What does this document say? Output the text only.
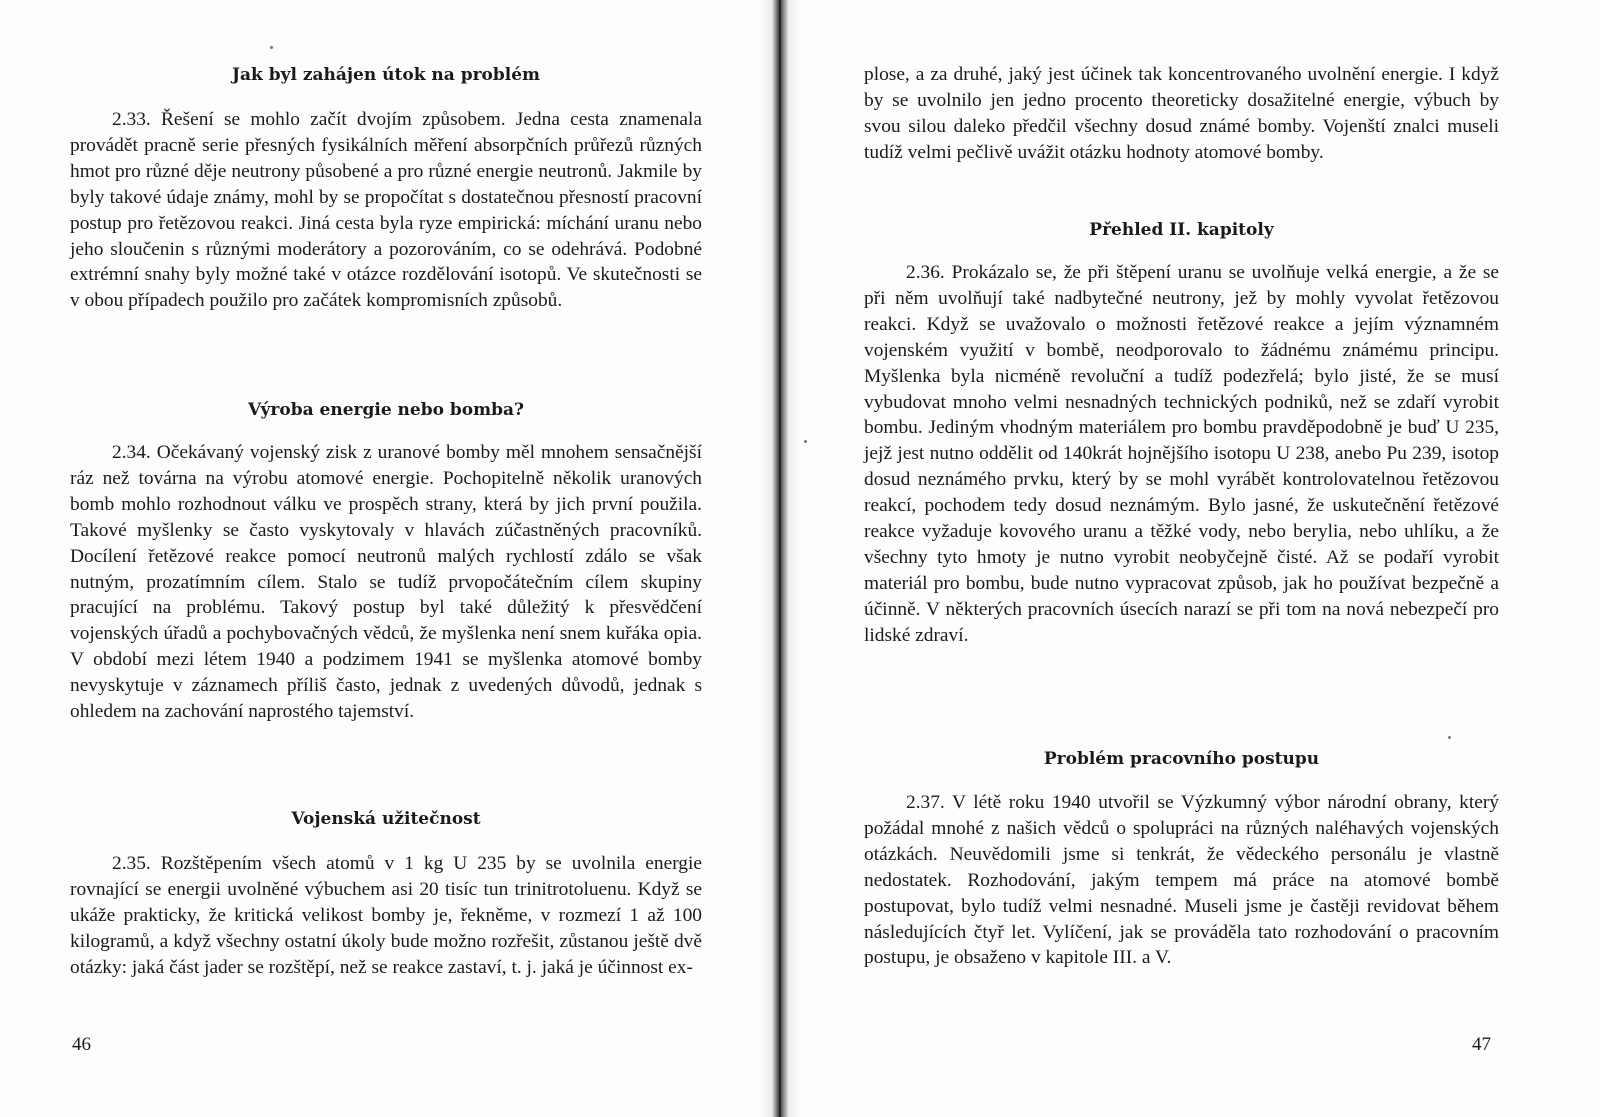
Jak byl zahájen útok na problém

2.33. Řešení se mohlo začít dvojím způsobem. Jedna cesta znamenala provádět pracně serie přesných fysikálních měření absorpčních průřezů různých hmot pro různé děje neutrony působené a pro různé energie neutronů. Jakmile by byly takové údaje známy, mohl by se propočítat s dostatečnou přesností pracovní postup pro řetězovou reakci. Jiná cesta byla ryze empirická: míchání uranu nebo jeho sloučenin s různými moderátory a pozorováním, co se odehrává. Podobné extrémní snahy byly možné také v otázce rozdělování isotopů. Ve skutečnosti se v obou případech použilo pro začátek kompromisních způsobů.

Výroba energie nebo bomba?

2.34. Očekávaný vojenský zisk z uranové bomby měl mnohem sensačnější ráz než továrna na výrobu atomové energie. Pochopitelně několik uranových bomb mohlo rozhodnout válku ve prospěch strany, která by jich první použila. Takové myšlenky se často vyskytovaly v hlavách zúčastněných pracovníků. Docílení řetězové reakce pomocí neutronů malých rychlostí zdálo se však nutným, prozatímním cílem. Stalo se tudíž prvopočátečním cílem skupiny pracující na problému. Takový postup byl také důležitý k přesvědčení vojenských úřadů a pochybovačných vědců, že myšlenka není snem kuřáka opia. V období mezi létem 1940 a podzimem 1941 se myšlenka atomové bomby nevyskytuje v záznamech příliš často, jednak z uvedených důvodů, jednak s ohledem na zachování naprostého tajemství.

Vojenská užitečnost

2.35. Rozštěpením všech atomů v 1 kg U 235 by se uvolnila energie rovnající se energii uvolněné výbuchem asi 20 tisíc tun trinitrotoluenu. Když se ukáže prakticky, že kritická velikost bomby je, řekněme, v rozmezí 1 až 100 kilogramů, a když všechny ostatní úkoly bude možno rozřešit, zůstanou ještě dvě otázky: jaká část jader se rozštěpí, než se reakce zastaví, t. j. jaká je účinnost ex-

46

plose, a za druhé, jaký jest účinek tak koncentrovaného uvolnění energie. I když by se uvolnilo jen jedno procento theoreticky dosažitelné energie, výbuch by svou silou daleko předčil všechny dosud známé bomby. Vojenští znalci museli tudíž velmi pečlivě uvážit otázku hodnoty atomové bomby.

Přehled II. kapitoly

2.36. Prokázalo se, že při štěpení uranu se uvolňuje velká energie, a že se při něm uvolňují také nadbytečné neutrony, jež by mohly vyvolat řetězovou reakci. Když se uvažovalo o možnosti řetězové reakce a jejím významném vojenském využití v bombě, neodporovalo to žádnému známému principu. Myšlenka byla nicméně revoluční a tudíž podezřelá; bylo jisté, že se musí vybudovat mnoho velmi nesnadných technických podniků, než se zdaří vyrobit bombu. Jediným vhodným materiálem pro bombu pravděpodobně je buď U 235, jejž jest nutno oddělit od 140krát hojnějšího isotopu U 238, anebo Pu 239, isotop dosud neznámého prvku, který by se mohl vyrábět kontrolovatelnou řetězovou reakcí, pochodem tedy dosud neznámým. Bylo jasné, že uskutečnění řetězové reakce vyžaduje kovového uranu a těžké vody, nebo berylia, nebo uhlíku, a že všechny tyto hmoty je nutno vyrobit neobyčejně čisté. Až se podaří vyrobit materiál pro bombu, bude nutno vypracovat způsob, jak ho používat bezpečně a účinně. V některých pracovních úsecích narazí se při tom na nová nebezpečí pro lidské zdraví.

Problém pracovního postupu

2.37. V létě roku 1940 utvořil se Výzkumný výbor národní obrany, který požádal mnohé z našich vědců o spolupráci na různých naléhavých vojenských otázkách. Neuvědomili jsme si tenkrát, že vědeckého personálu je vlastně nedostatek. Rozhodování, jakým tempem má práce na atomové bombě postupovat, bylo tudíž velmi nesnadné. Museli jsme je častěji revidovat během následujících čtyř let. Vylíčení, jak se prováděla tato rozhodování o pracovním postupu, je obsaženo v kapitole III. a V.

47
